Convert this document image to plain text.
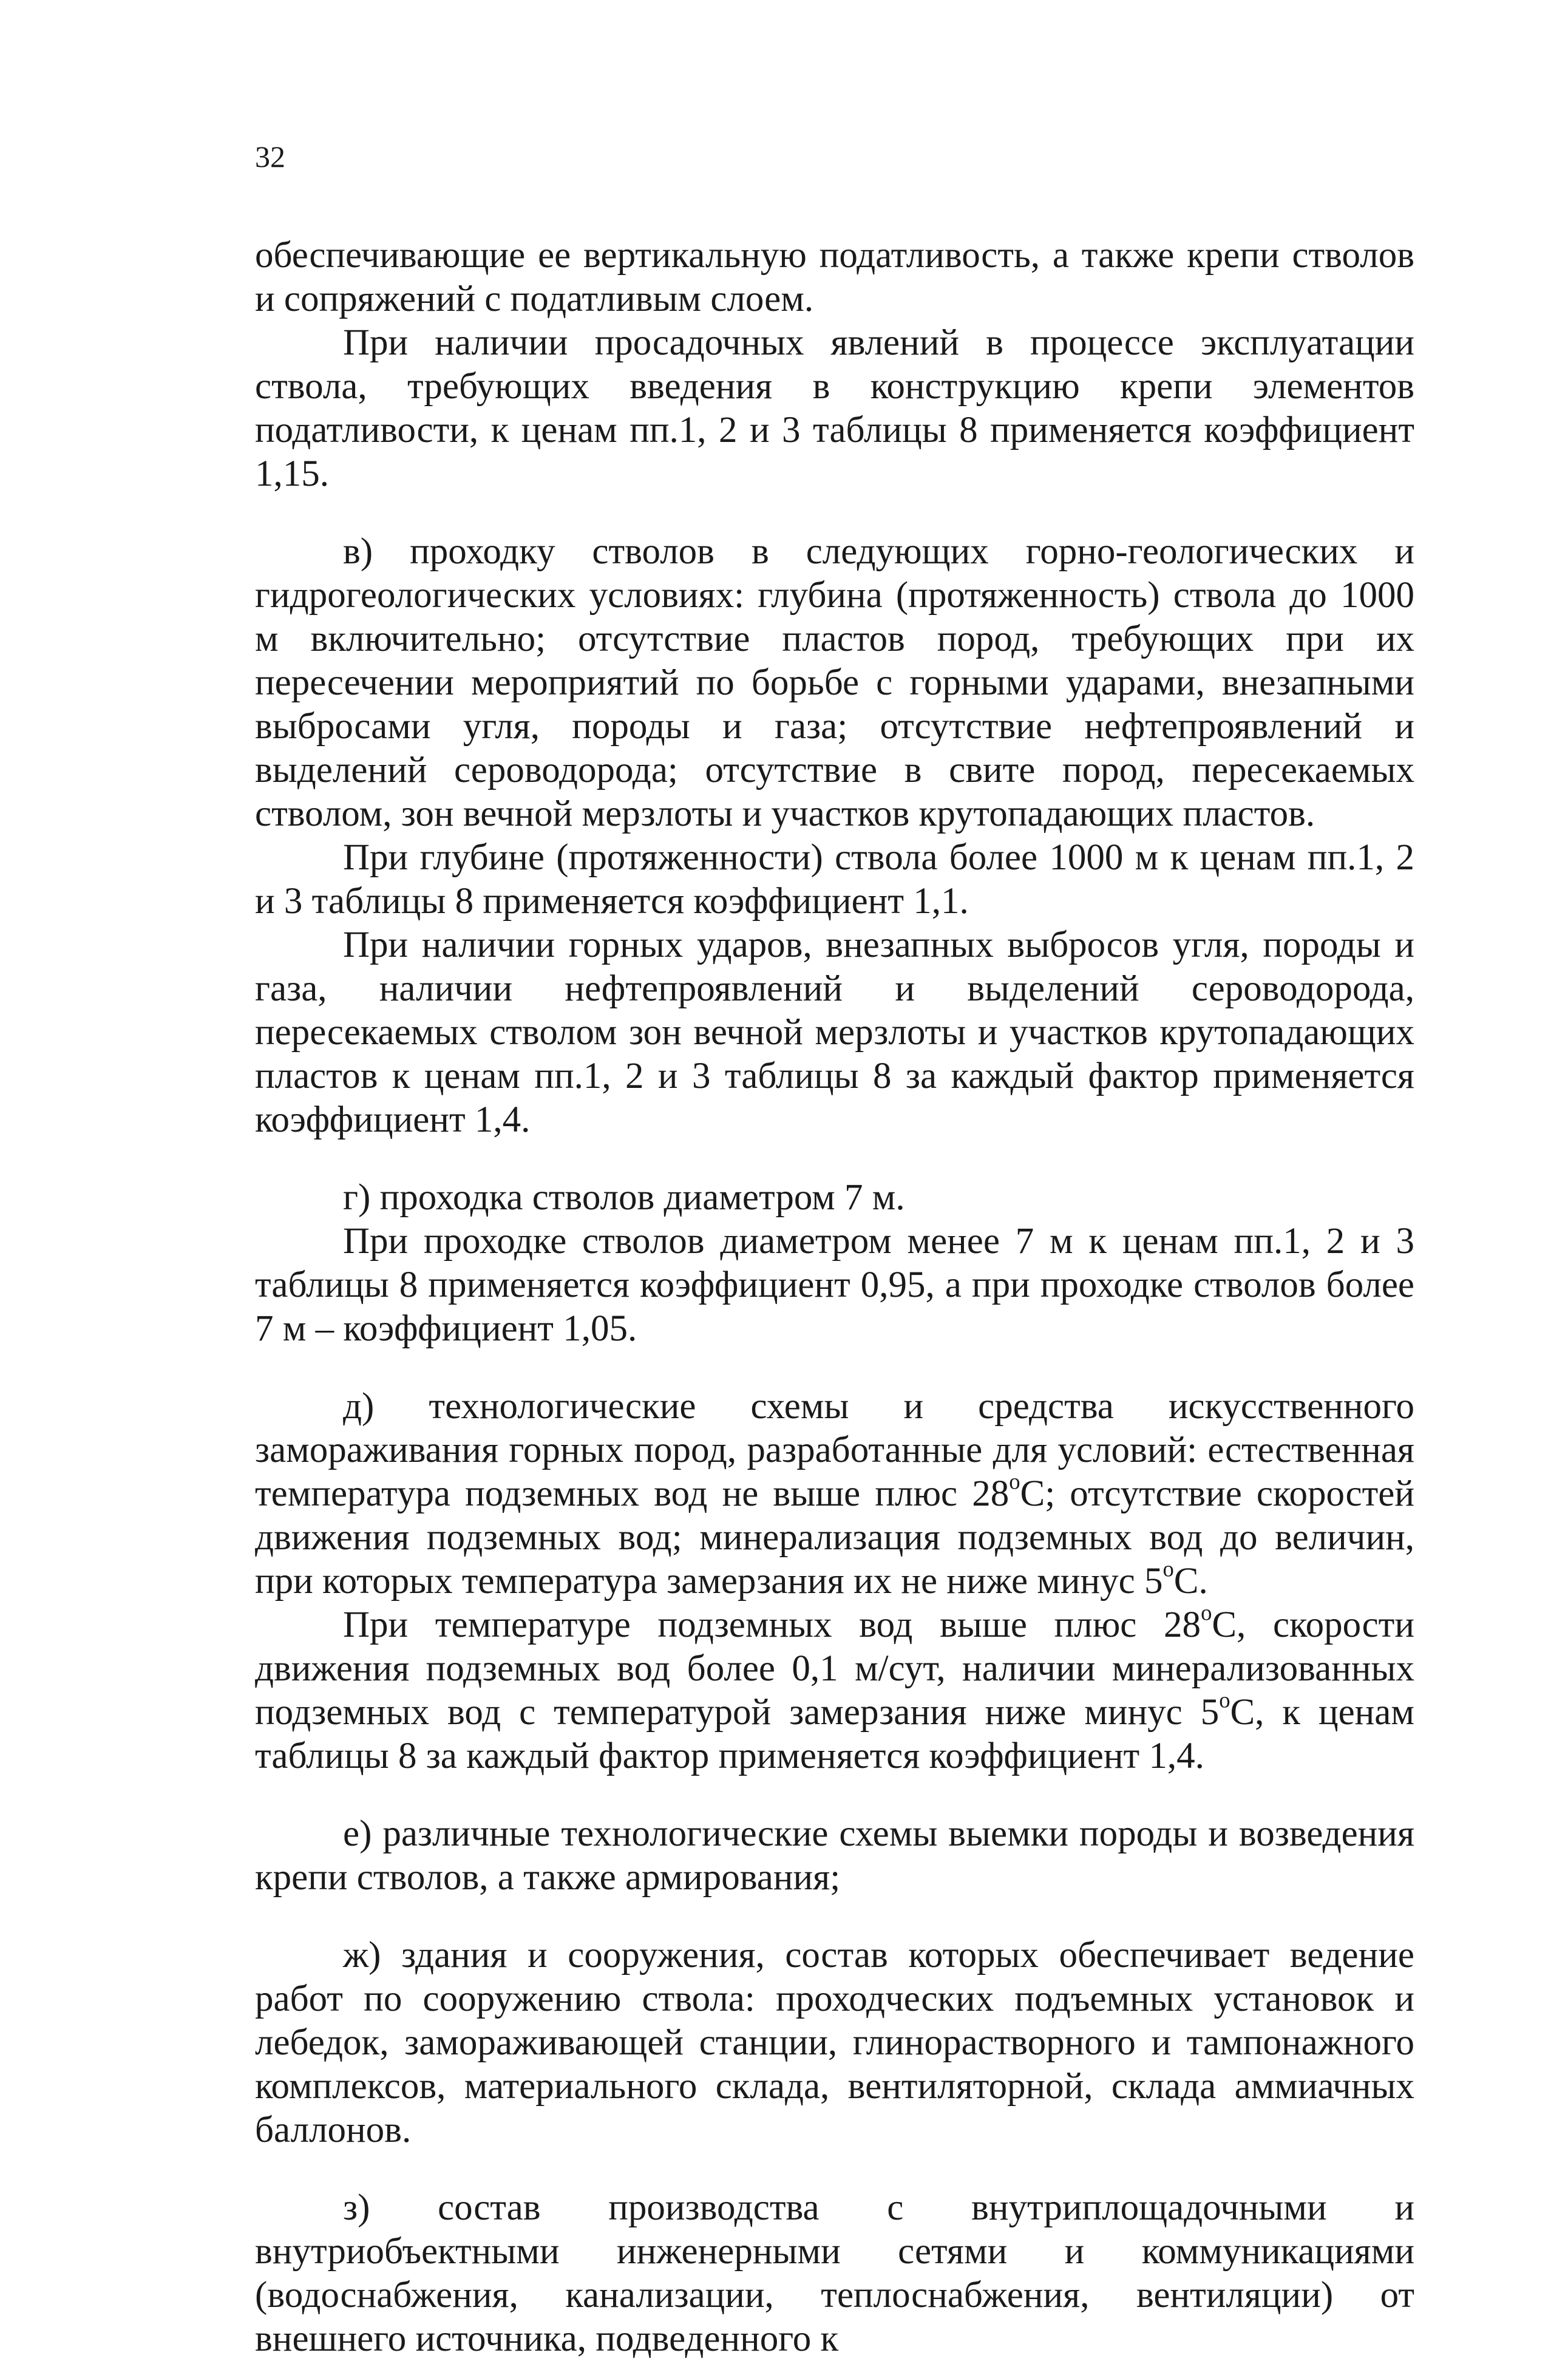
32

обеспечивающие ее вертикальную податливость, а также крепи стволов и сопряжений с податливым слоем.

При наличии просадочных явлений в процессе эксплуатации ствола, требующих введения в конструкцию крепи элементов податливости, к ценам пп.1, 2 и 3 таблицы 8 применяется коэффициент 1,15.

в) проходку стволов в следующих горно-геологических и гидрогеологических условиях: глубина (протяженность) ствола до 1000 м включительно; отсутствие пластов пород, требующих при их пересечении мероприятий по борьбе с горными ударами, внезапными выбросами угля, породы и газа; отсутствие нефтепроявлений и выделений сероводорода; отсутствие в свите пород, пересекаемых стволом, зон вечной мерзлоты и участков крутопадающих пластов.

При глубине (протяженности) ствола более 1000 м к ценам пп.1, 2 и 3 таблицы 8 применяется коэффициент 1,1.

При наличии горных ударов, внезапных выбросов угля, породы и газа, наличии нефтепроявлений и выделений сероводорода, пересекаемых стволом зон вечной мерзлоты и участков крутопадающих пластов к ценам пп.1, 2 и 3 таблицы 8 за каждый фактор применяется коэффициент 1,4.

г) проходка стволов диаметром 7 м.

При проходке стволов диаметром менее 7 м к ценам пп.1, 2 и 3 таблицы 8 применяется коэффициент 0,95, а при проходке стволов более 7 м – коэффициент 1,05.

д) технологические схемы и средства искусственного замораживания горных пород, разработанные для условий: естественная температура подземных вод не выше плюс $28^оС$; отсутствие скоростей движения подземных вод; минерализация подземных вод до величин, при которых температура замерзания их не ниже минус $5^оС$.

При температуре подземных вод выше плюс $28^оС$, скорости движения подземных вод более 0,1 м/сут, наличии минерализованных подземных вод с температурой замерзания ниже минус $5^оС$, к ценам таблицы 8 за каждый фактор применяется коэффициент 1,4.

е) различные технологические схемы выемки породы и возведения крепи стволов, а также армирования;

ж) здания и сооружения, состав которых обеспечивает ведение работ по сооружению ствола: проходческих подъемных установок и лебедок, замораживающей станции, глинорастворного и тампонажного комплексов, материального склада, вентиляторной, склада аммиачных баллонов.

з) состав производства с внутриплощадочными и внутриобъектными инженерными сетями и коммуникациями (водоснабжения, канализации, теплоснабжения, вентиляции) от внешнего источника, подведенного к
